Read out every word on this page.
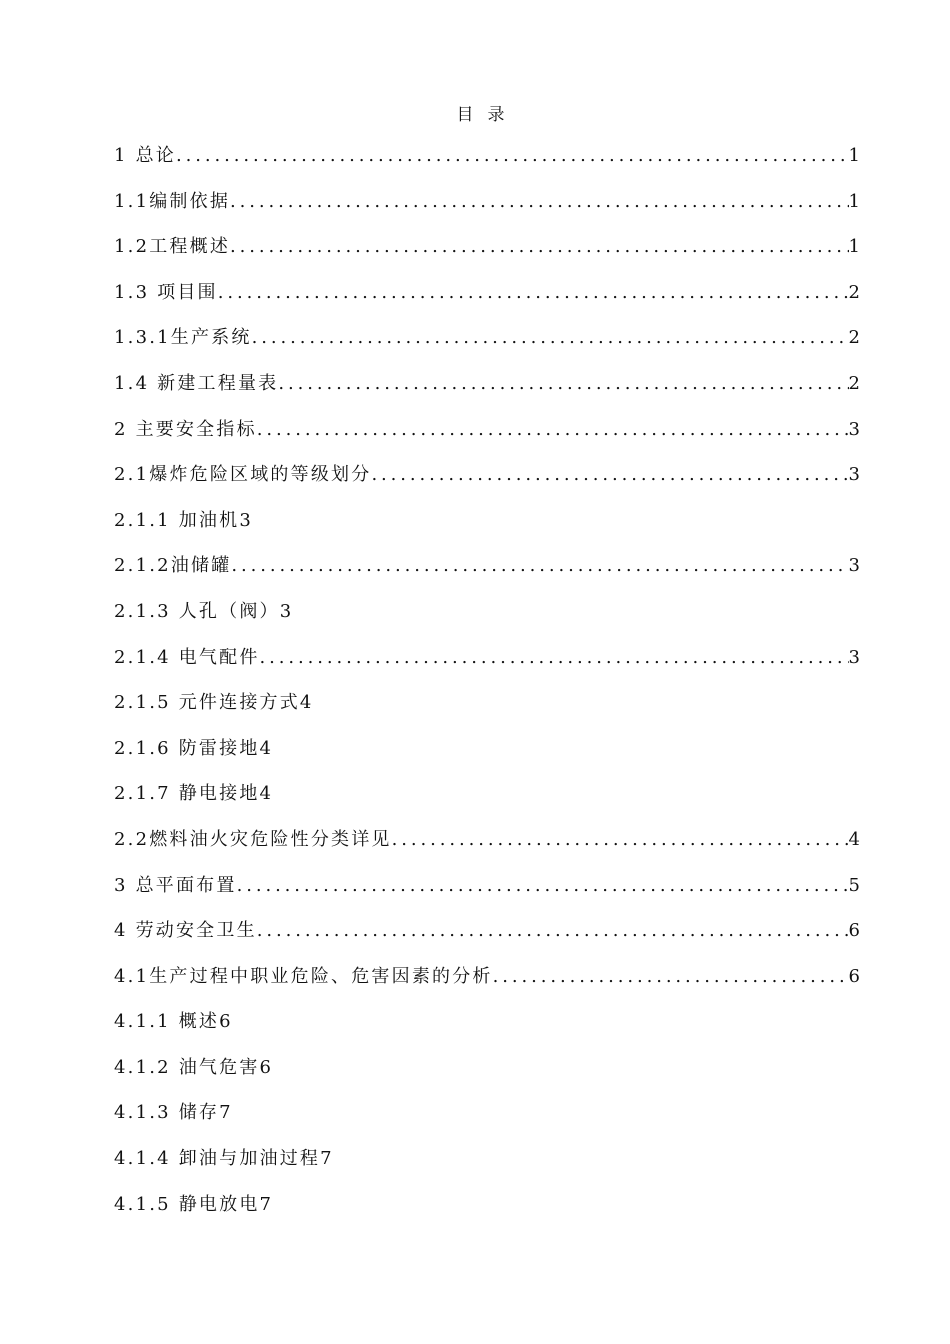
目录
1 总论 .....	1
1.1编制依据 .....	1
1.2工程概述 .....	1
1.3 项目围 .....	2
1.3.1生产系统 .....	2
1.4 新建工程量表 .....	2
2 主要安全指标 .....	3
2.1爆炸危险区域的等级划分 .....	3
2.1.1 加油机 3
2.1.2油储罐 .....	3
2.1.3 人孔（阀） 3
2.1.4 电气配件 .....	3
2.1.5 元件连接方式 4
2.1.6 防雷接地 4
2.1.7 静电接地 4
2.2燃料油火灾危险性分类详见 .....	4
3 总平面布置 .....	5
4 劳动安全卫生 .....	6
4.1生产过程中职业危险、危害因素的分析 .....	6
4.1.1 概述 6
4.1.2 油气危害 6
4.1.3 储存 7
4.1.4 卸油与加油过程 7
4.1.5 静电放电 7
